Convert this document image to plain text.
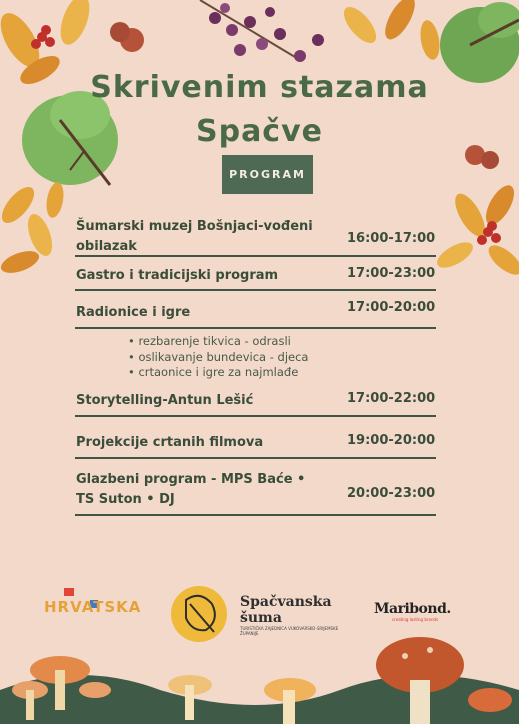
Skrivenim stazama
Spačve
PROGRAM
Šumarski muzej Bošnjaci-vođeni obilazak
16:00-17:00
Gastro i tradicijski program	17:00-23:00
Radionice i igre	17:00-20:00
• rezbarenje tikvica - odrasli
• oslikavanje bundevica - djeca
• crtaonice i igre za najmlađe
Storytelling-Antun Lešić	17:00-22:00
Projekcije crtanih filmova	19:00-20:00
Glazbeni program - MPS Baće • TS Suton • DJ	20:00-23:00
HRVATSKA	Spačvanska šuma
TURISTIČKA ZAJEDNICA VUKOVARSKO-SRIJEMSKE ŽUPANIJE
Maribond.
creating lasting brands
